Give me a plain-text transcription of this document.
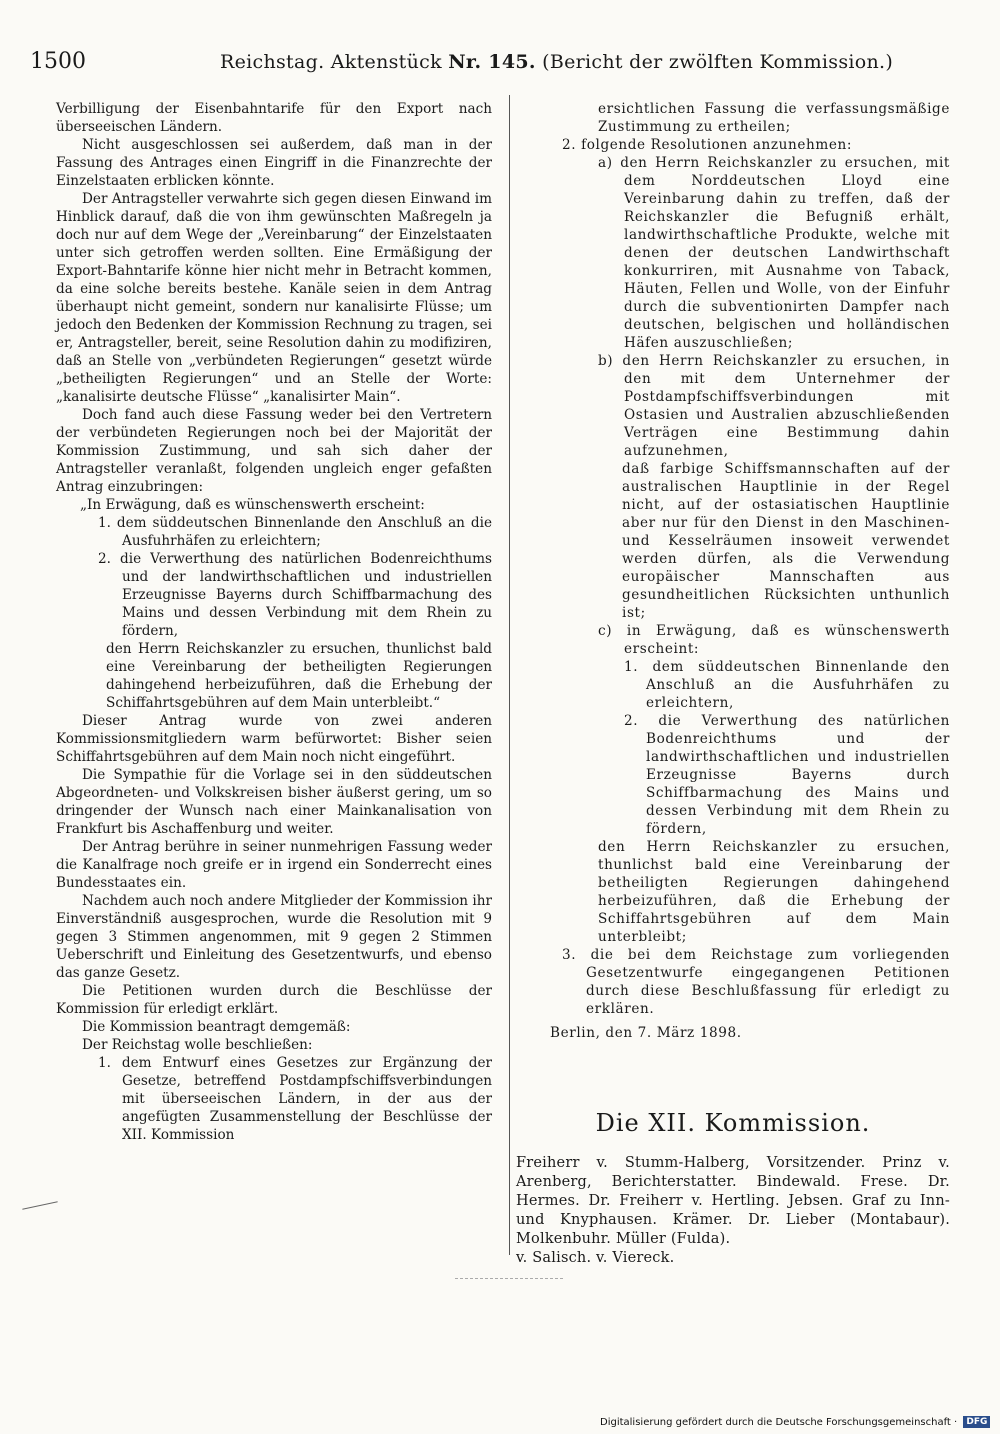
1500	Reichstag. Aktenstück Nr. 145. (Bericht der zwölften Kommission.)

Verbilligung der Eisenbahntarife für den Export nach überseeischen Ländern.

Nicht ausgeschlossen sei außerdem, daß man in der Fassung des Antrages einen Eingriff in die Finanzrechte der Einzelstaaten erblicken könnte.

Der Antragsteller verwahrte sich gegen diesen Einwand im Hinblick darauf, daß die von ihm gewünschten Maßregeln ja doch nur auf dem Wege der „Vereinbarung“ der Einzelstaaten unter sich getroffen werden sollten. Eine Ermäßigung der Export-Bahntarife könne hier nicht mehr in Betracht kommen, da eine solche bereits bestehe. Kanäle seien in dem Antrag überhaupt nicht gemeint, sondern nur kanalisirte Flüsse; um jedoch den Bedenken der Kommission Rechnung zu tragen, sei er, Antragsteller, bereit, seine Resolution dahin zu modifiziren, daß an Stelle von „verbündeten Regierungen“ gesetzt würde „betheiligten Regierungen“ und an Stelle der Worte: „kanalisirte deutsche Flüsse“ „kanalisirter Main“.

Doch fand auch diese Fassung weder bei den Vertretern der verbündeten Regierungen noch bei der Majorität der Kommission Zustimmung, und sah sich daher der Antragsteller veranlaßt, folgenden ungleich enger gefaßten Antrag einzubringen:

„In Erwägung, daß es wünschenswerth erscheint:

1. dem süddeutschen Binnenlande den Anschluß an die Ausfuhrhäfen zu erleichtern;

2. die Verwerthung des natürlichen Bodenreichthums und der landwirthschaftlichen und industriellen Erzeugnisse Bayerns durch Schiffbarmachung des Mains und dessen Verbindung mit dem Rhein zu fördern,

den Herrn Reichskanzler zu ersuchen, thunlichst bald eine Vereinbarung der betheiligten Regierungen dahingehend herbeizuführen, daß die Erhebung der Schiffahrtsgebühren auf dem Main unterbleibt.“

Dieser Antrag wurde von zwei anderen Kommissionsmitgliedern warm befürwortet: Bisher seien Schiffahrtsgebühren auf dem Main noch nicht eingeführt.

Die Sympathie für die Vorlage sei in den süddeutschen Abgeordneten- und Volkskreisen bisher äußerst gering, um so dringender der Wunsch nach einer Mainkanalisation von Frankfurt bis Aschaffenburg und weiter.

Der Antrag berühre in seiner nunmehrigen Fassung weder die Kanalfrage noch greife er in irgend ein Sonderrecht eines Bundesstaates ein.

Nachdem auch noch andere Mitglieder der Kommission ihr Einverständniß ausgesprochen, wurde die Resolution mit 9 gegen 3 Stimmen angenommen, mit 9 gegen 2 Stimmen Ueberschrift und Einleitung des Gesetzentwurfs, und ebenso das ganze Gesetz.

Die Petitionen wurden durch die Beschlüsse der Kommission für erledigt erklärt.

Die Kommission beantragt demgemäß:

Der Reichstag wolle beschließen:

1. dem Entwurf eines Gesetzes zur Ergänzung der Gesetze, betreffend Postdampfschiffsverbindungen mit überseeischen Ländern, in der aus der angefügten Zusammenstellung der Beschlüsse der XII. Kommission

ersichtlichen Fassung die verfassungsmäßige Zustimmung zu ertheilen;

2. folgende Resolutionen anzunehmen:

a) den Herrn Reichskanzler zu ersuchen, mit dem Norddeutschen Lloyd eine Vereinbarung dahin zu treffen, daß der Reichskanzler die Befugniß erhält, landwirthschaftliche Produkte, welche mit denen der deutschen Landwirthschaft konkurriren, mit Ausnahme von Taback, Häuten, Fellen und Wolle, von der Einfuhr durch die subventionirten Dampfer nach deutschen, belgischen und holländischen Häfen auszuschließen;

b) den Herrn Reichskanzler zu ersuchen, in den mit dem Unternehmer der Postdampfschiffsverbindungen mit Ostasien und Australien abzuschließenden Verträgen eine Bestimmung dahin aufzunehmen,

daß farbige Schiffsmannschaften auf der australischen Hauptlinie in der Regel nicht, auf der ostasiatischen Hauptlinie aber nur für den Dienst in den Maschinen- und Kesselräumen insoweit verwendet werden dürfen, als die Verwendung europäischer Mannschaften aus gesundheitlichen Rücksichten unthunlich ist;

c) in Erwägung, daß es wünschenswerth erscheint:

1. dem süddeutschen Binnenlande den Anschluß an die Ausfuhrhäfen zu erleichtern,

2. die Verwerthung des natürlichen Bodenreichthums und der landwirthschaftlichen und industriellen Erzeugnisse Bayerns durch Schiffbarmachung des Mains und dessen Verbindung mit dem Rhein zu fördern,

den Herrn Reichskanzler zu ersuchen, thunlichst bald eine Vereinbarung der betheiligten Regierungen dahingehend herbeizuführen, daß die Erhebung der Schiffahrtsgebühren auf dem Main unterbleibt;

3. die bei dem Reichstage zum vorliegenden Gesetzentwurfe eingegangenen Petitionen durch diese Beschlußfassung für erledigt zu erklären.

Berlin, den 7. März 1898.

Die XII. Kommission.
Freiherr v. Stumm-Halberg, Vorsitzender. Prinz v. Arenberg, Berichterstatter. Bindewald. Frese. Dr. Hermes. Dr. Freiherr v. Hertling. Jebsen. Graf zu Inn- und Knyphausen. Krämer. Dr. Lieber (Montabaur). Molkenbuhr. Müller (Fulda).
v. Salisch. v. Viereck.
Digitalisierung gefördert durch die Deutsche Forschungsgemeinschaft · DFG
